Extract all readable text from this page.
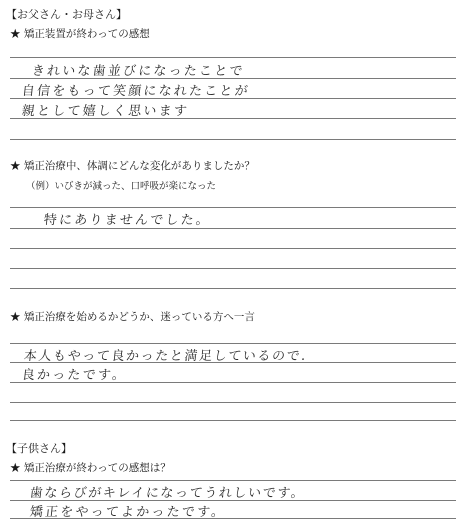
【お父さん・お母さん】
★ 矯正装置が終わっての感想
きれいな歯並びになったことで
自信をもって笑顔になれたことが
親として嬉しく思います
★ 矯正治療中、体調にどんな変化がありましたか？
（例）いびきが減った、口呼吸が楽になった
特にありませんでした。
★ 矯正治療を始めるかどうか、迷っている方へ一言
本人もやって良かったと満足しているので.
良かったです。
【子供さん】
★ 矯正治療が終わっての感想は？
歯ならびがキレイになってうれしいです。
矯正をやってよかったです。
